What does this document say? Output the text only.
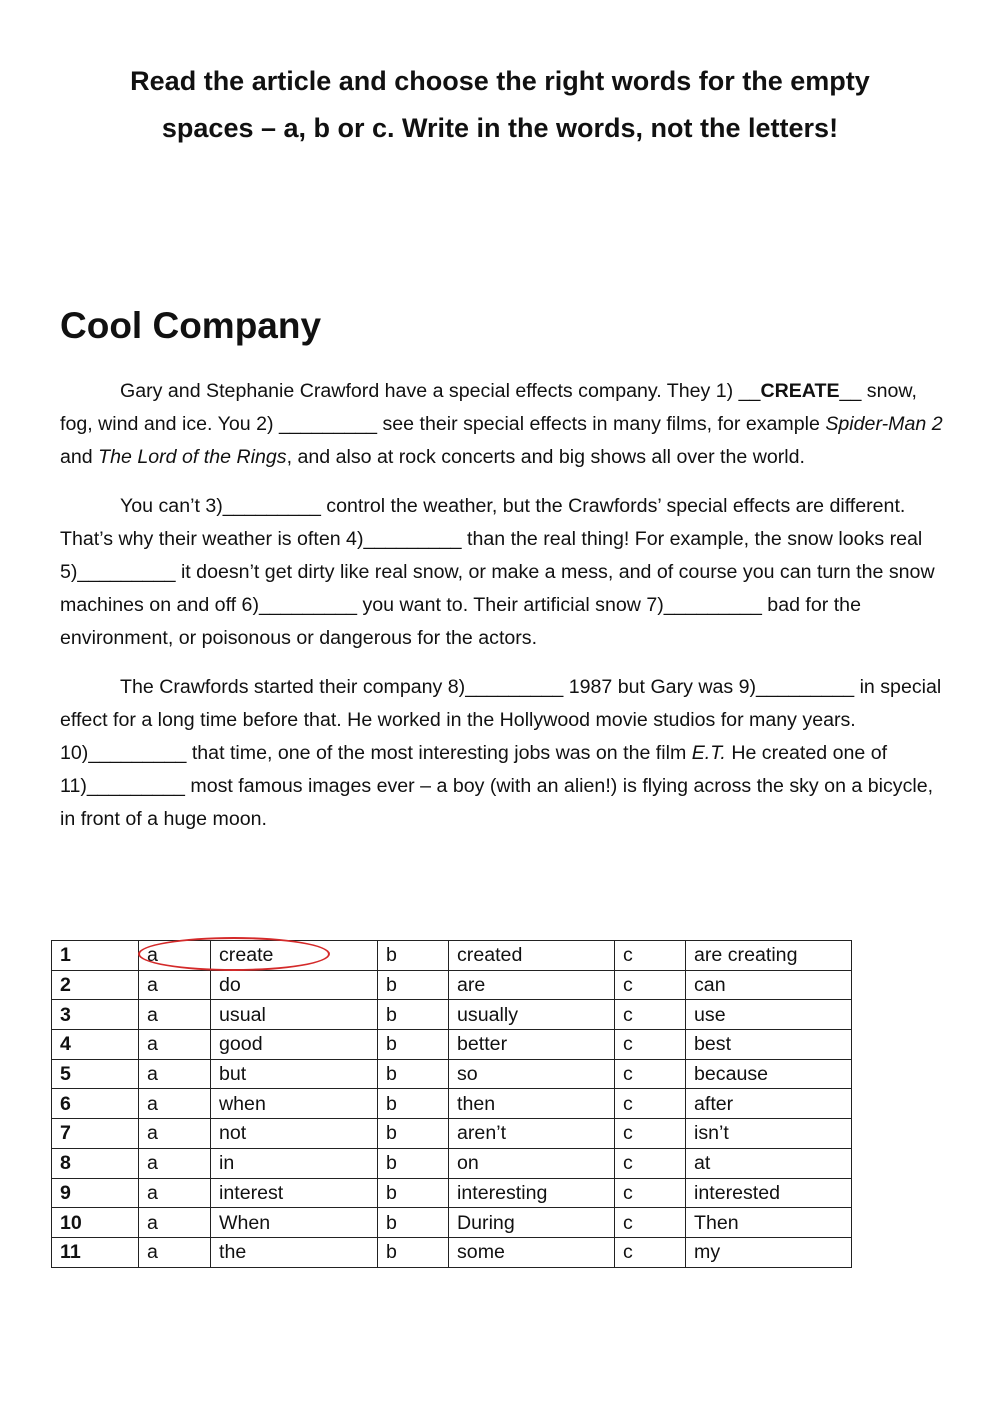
Read the article and choose the right words for the empty
spaces – a, b or c. Write in the words, not the letters!
Cool Company

Gary and Stephanie Crawford have a special effects company. They 1) __CREATE__ snow, fog, wind and ice. You 2) _________ see their special effects in many films, for example Spider-Man 2 and The Lord of the Rings, and also at rock concerts and big shows all over the world.

You can’t 3)_________ control the weather, but the Crawfords’ special effects are different. That’s why their weather is often 4)_________ than the real thing! For example, the snow looks real 5)_________ it doesn’t get dirty like real snow, or make a mess, and of course you can turn the snow machines on and off 6)_________ you want to. Their artificial snow 7)_________ bad for the environment, or poisonous or dangerous for the actors.

The Crawfords started their company 8)_________ 1987 but Gary was 9)_________ in special effect for a long time before that. He worked in the Hollywood movie studios for many years. 10)_________ that time, one of the most interesting jobs was on the film E.T. He created one of 11)_________ most famous images ever – a boy (with an alien!) is flying across the sky on a bicycle, in front of a huge moon.

1	a	create	b	created	c	are creating
2	a	do	b	are	c	can
3	a	usual	b	usually	c	use
4	a	good	b	better	c	best
5	a	but	b	so	c	because
6	a	when	b	then	c	after
7	a	not	b	aren’t	c	isn’t
8	a	in	b	on	c	at
9	a	interest	b	interesting	c	interested
10	a	When	b	During	c	Then
11	a	the	b	some	c	my
